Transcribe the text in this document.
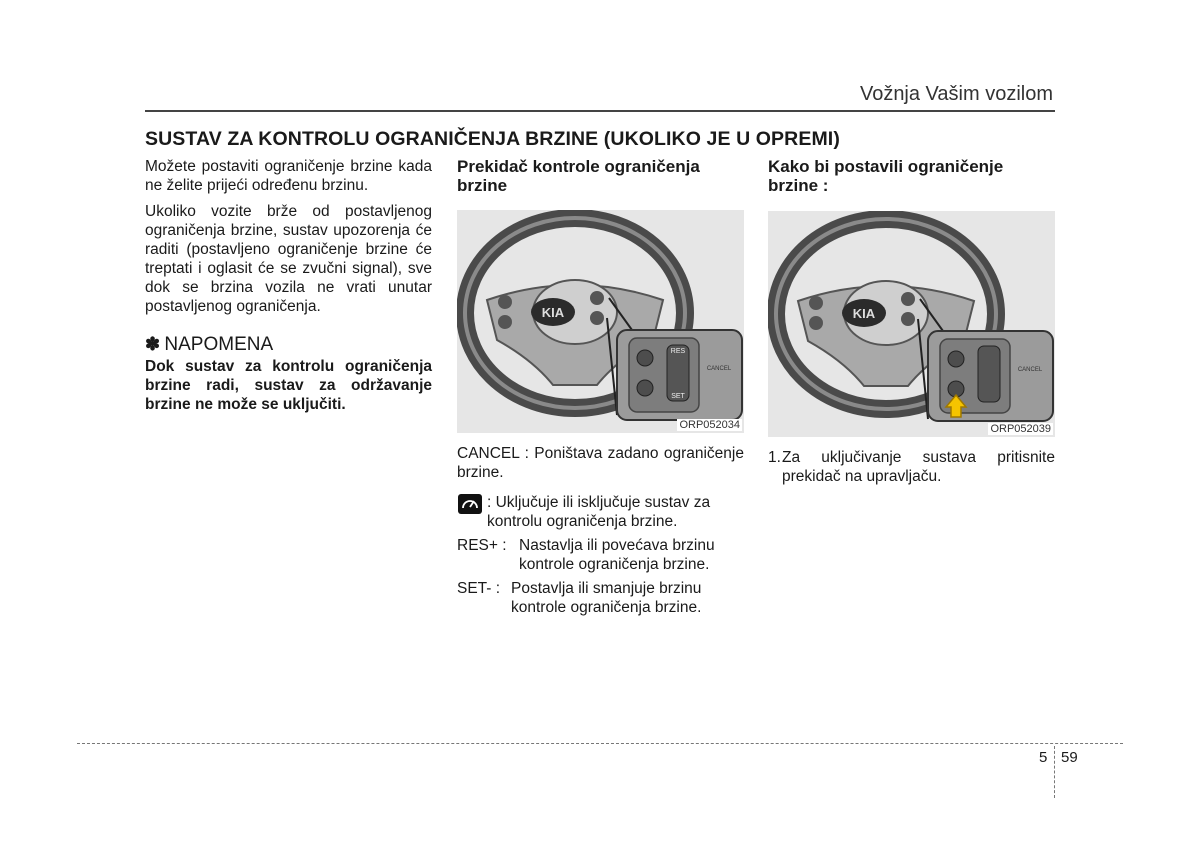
Vožnja Vašim vozilom
SUSTAV ZA KONTROLU OGRANIČENJA BRZINE (UKOLIKO JE U OPREMI)

Možete postaviti ograničenje brzine kada ne želite prijeći određenu brzinu.

Ukoliko vozite brže od postavljenog ograničenja brzine, sustav upozorenja će raditi (postavljeno ograničenje brzine će treptati i oglasit će se zvučni signal), sve dok se brzina vozila ne vrati unutar postavljenog ograničenja.

✽ NAPOMENA

Dok sustav za kontrolu ograničenja brzine radi, sustav za održavanje brzine ne može se uključiti.

Prekidač kontrole ograničenja brzine
KIA
RES
SET
CANCEL
ORP052034

CANCEL : Poništava zadano ograničenje brzine.

: Uključuje ili isključuje sustav za kontrolu ograničenja brzine.
RES+ : Nastavlja ili povećava brzinu kontrole ograničenja brzine.
SET- : Postavlja ili smanjuje brzinu kontrole ograničenja brzine.
Kako bi postavili ograničenje brzine :
KIA
CANCEL
ORP052039
1. Za uključivanje sustava pritisnite prekidač na upravljaču.
5 59
